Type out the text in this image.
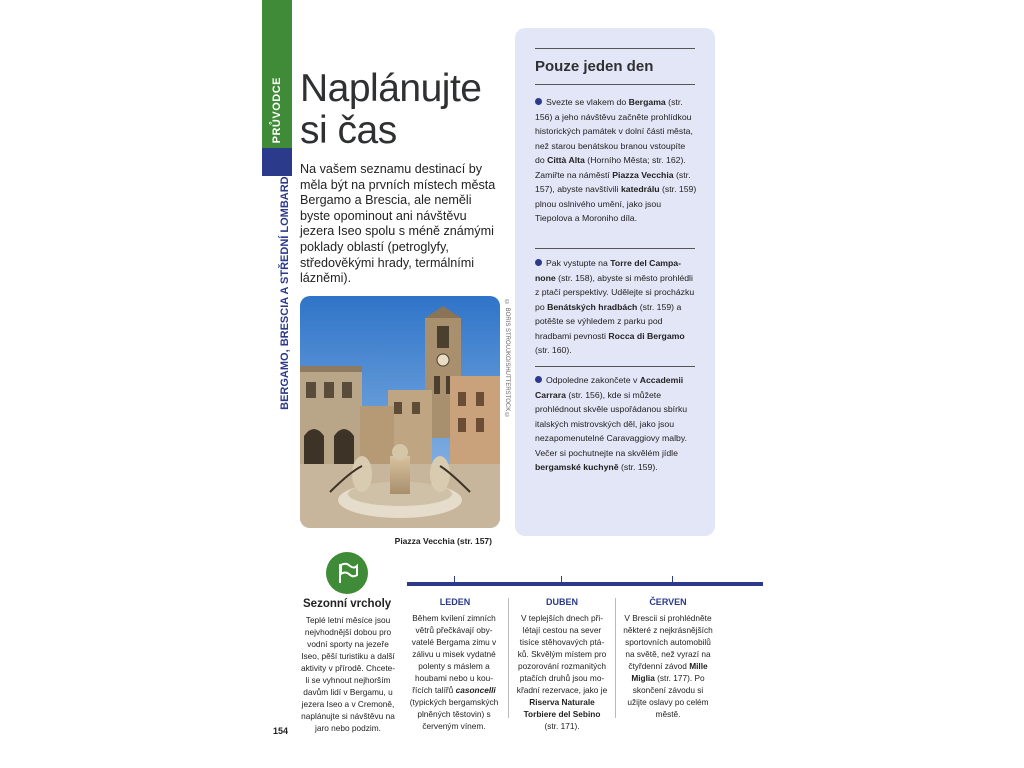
PRŮVODCE
BERGAMO, BRESCIA A STŘEDNÍ LOMBARDIE
Naplánujte
si čas
Na vašem seznamu destinací by měla být na prvních místech města Bergamo a Brescia, ale neměli byste opominout ani návštěvu jezera Iseo spolu s méně známými poklady oblastí (petroglyfy, středověkými hrady, termálními lázněmi).
© BORIS STROUJKO/SHUTTERSTOCK ©
Piazza Vecchia (str. 157)
Pouze jeden den
Svezte se vlakem do Bergama (str. 156) a jeho návštěvu začněte prohlídkou historických památek v dolní části města, než starou benátskou branou vstoupíte do Città Alta (Horního Města; str. 162). Zamiřte na náměstí Piazza Vecchia (str. 157), abyste navštívili katedrálu (str. 159) plnou oslnivého umění, jako jsou Tiepolova a Moroniho díla.
Pak vystupte na Torre del Campanone (str. 158), abyste si město prohlédli z ptačí perspektivy. Udělejte si procházku po Benátských hradbách (str. 159) a potěšte se výhledem z parku pod hradbami pevnosti Rocca di Bergamo (str. 160).
Odpoledne zakončete v Accademii Carrara (str. 156), kde si můžete prohlédnout skvěle uspořádanou sbírku italských mistrovských děl, jako jsou nezapomenutelné Caravaggiovy malby. Večer si pochutnejte na skvělém jídle bergamské kuchyně (str. 159).
Sezonní vrcholy
Teplé letní měsíce jsou nejvhodnější dobou pro vodní sporty na jezeře Iseo, pěší turistiku a další aktivity v přírodě. Chcete-li se vyhnout nejhorším davům lidí v Bergamu, u jezera Iseo a v Cremoně, naplánujte si návštěvu na jaro nebo podzim.
LEDEN
Během kvílení zimních větrů přečkávají obyvatelé Bergama zimu v zálivu u misek vydatné polenty s máslem a houbami nebo u kouřících talířů casoncelli (typických bergamských plněných těstovin) s červeným vínem.
DUBEN
V teplejších dnech přilétají cestou na sever tisíce stěhovavých ptáků. Skvělým místem pro pozorování rozmanitých ptačích druhů jsou mokřadní rezervace, jako je Riserva Naturale Torbiere del Sebino (str. 171).
ČERVEN
V Brescii si prohlédněte některé z nejkrásnějších sportovních automobilů na světě, než vyrazí na čtyřdenní závod Mille Miglia (str. 177). Po skončení závodu si užijte oslavy po celém městě.
154
